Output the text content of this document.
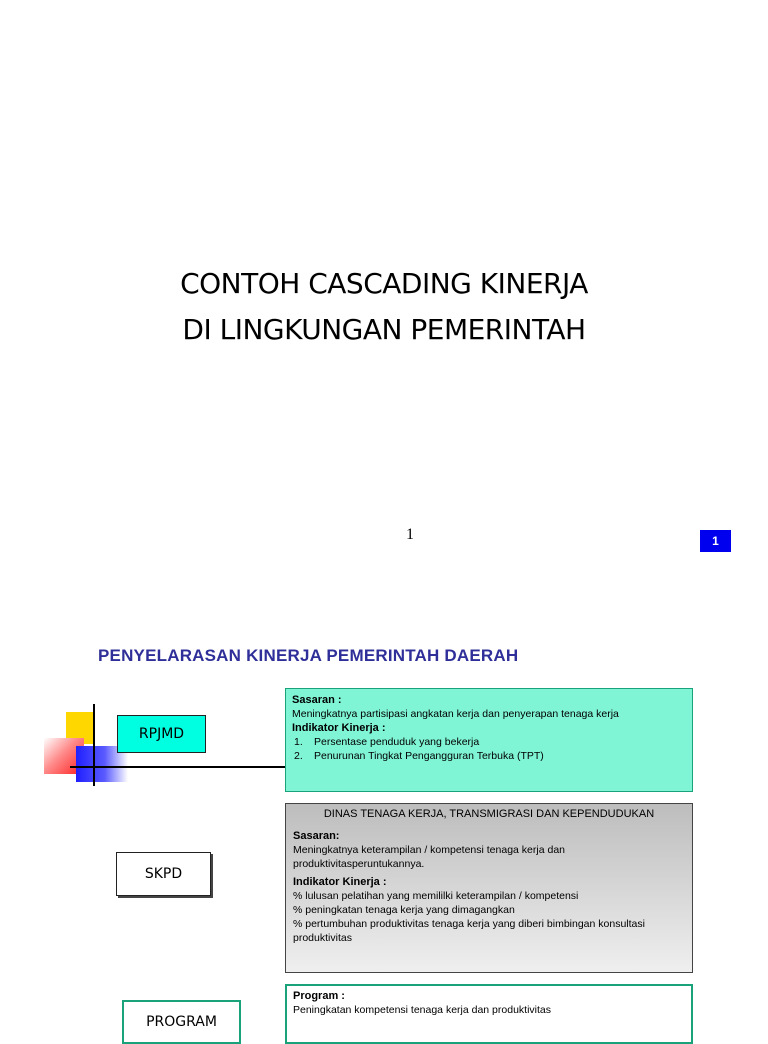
CONTOH CASCADING KINERJA
DI LINGKUNGAN PEMERINTAH
1	1
PENYELARASAN KINERJA PEMERINTAH DAERAH
RPJMD
SKPD
PROGRAM
Sasaran :
Meningkatnya partisipasi angkatan kerja dan penyerapan tenaga kerja
Indikator Kinerja :
1. Persentase penduduk yang bekerja
2. Penurunan Tingkat Pengangguran Terbuka (TPT)
DINAS TENAGA KERJA, TRANSMIGRASI DAN KEPENDUDUKAN
Sasaran:
Meningkatnya keterampilan / kompetensi tenaga kerja dan produktivitasperuntukannya.
Indikator Kinerja :
% lulusan pelatihan yang memililki keterampilan / kompetensi
% peningkatan tenaga kerja yang dimagangkan
% pertumbuhan produktivitas tenaga kerja yang diberi bimbingan konsultasi produktivitas
Program :
Peningkatan kompetensi tenaga kerja dan produktivitas
